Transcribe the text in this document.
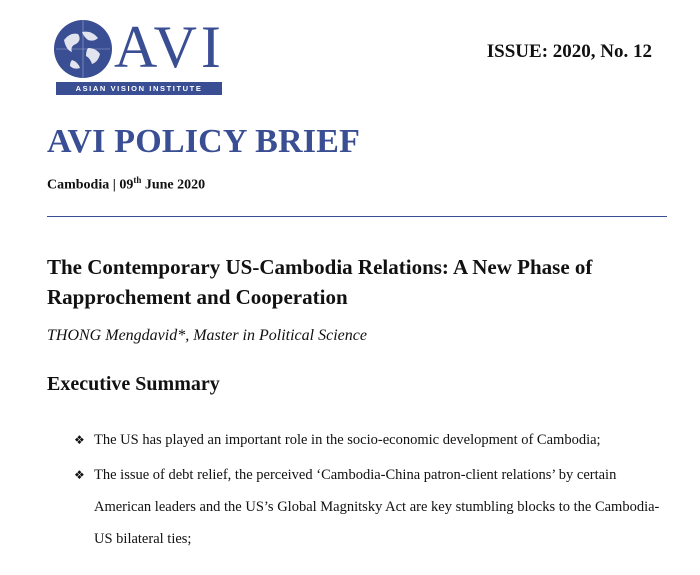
AVI
ASIAN VISION INSTITUTE
ISSUE: 2020, No. 12
AVI POLICY BRIEF
Cambodia | 09th June 2020
The Contemporary US-Cambodia Relations: A New Phase of
Rapprochement and Cooperation
THONG Mengdavid*, Master in Political Science
Executive Summary
❖ The US has played an important role in the socio-economic development of Cambodia;
❖ The issue of debt relief, the perceived ‘Cambodia-China patron-client relations’ by certain American leaders and the US’s Global Magnitsky Act are key stumbling blocks to the Cambodia-US bilateral ties;
